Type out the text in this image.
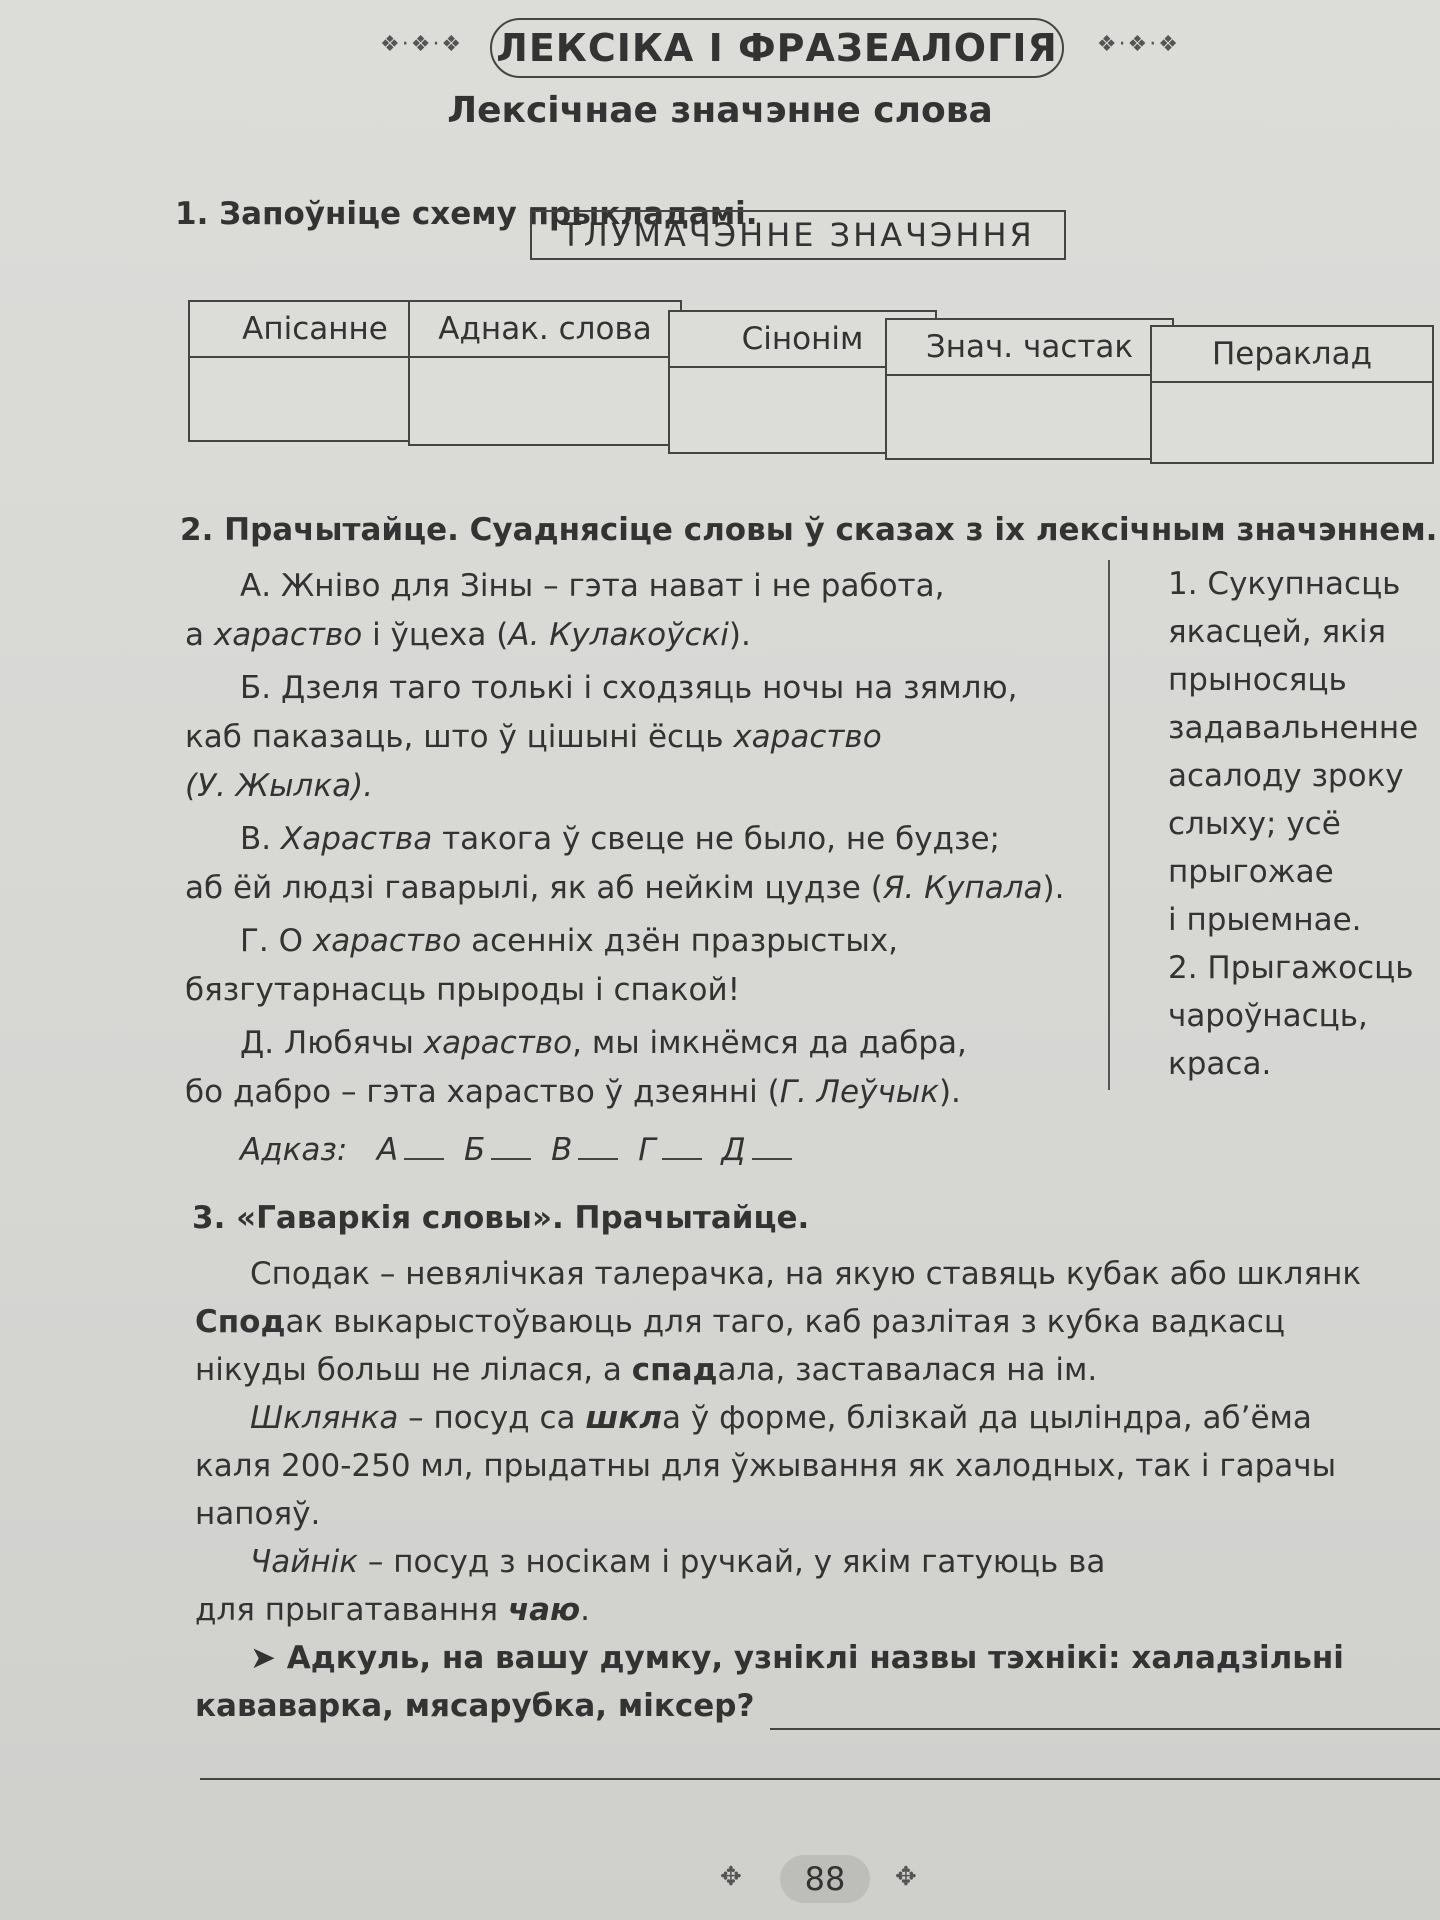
❖·❖·❖ ЛЕКСІКА І ФРАЗЕАЛОГІЯ ❖·❖·❖
Лексічнае значэнне слова
1. Запоўніце схему прыкладамі.
ТЛУМАЧЭННЕ ЗНАЧЭННЯ
Апісанне	Аднак. слова	Сінонім	Знач. частак	Пераклад
2. Прачытайце. Суаднясіце словы ў сказах з іх лексічным значэннем.

А. Жніво для Зіны – гэта нават і не работа,
а хараство і ўцеха (А. Кулакоўскі).

Б. Дзеля таго толькі і сходзяць ночы на зямлю,
каб паказаць, што ў цішыні ёсць хараство
(У. Жылка).

В. Хараства такога ў свеце не было, не будзе;
аб ёй людзі гаварылі, як аб нейкім цудзе (Я. Купала).

Г. О хараство асенніх дзён празрыстых,
бязгутарнасць прыроды і спакой!

Д. Любячы хараство, мы імкнёмся да дабра,
бо дабро – гэта хараство ў дзеянні (Г. Леўчык).

1. Сукупнасць
якасцей, якія
прыносяць
задавальненне
асалоду зроку
слыху; усё
прыгожае
і прыемнае.
2. Прыгажосць
чароўнасць,
краса.
Адказ: А Б В Г Д
3. «Гаваркія словы». Прачытайце.

Сподак – невялічкая талерачка, на якую ставяць кубак або шклянк

Сподак выкарыстоўваюць для таго, каб разлітая з кубка вадкасц

нікуды больш не лілася, а спадала, заставалася на ім.

Шклянка – посуд са шкла ў форме, блізкай да цыліндра, аб’ёма

каля 200-250 мл, прыдатны для ўжывання як халодных, так і гарачы

напояў.

Чайнік – посуд з носікам і ручкай, у якім гатуюць ва

для прыгатавання чаю.

➤ Адкуль, на вашу думку, узніклі назвы тэхнікі: халадзільні

кававарка, мясарубка, міксер?

✥	88	✥
